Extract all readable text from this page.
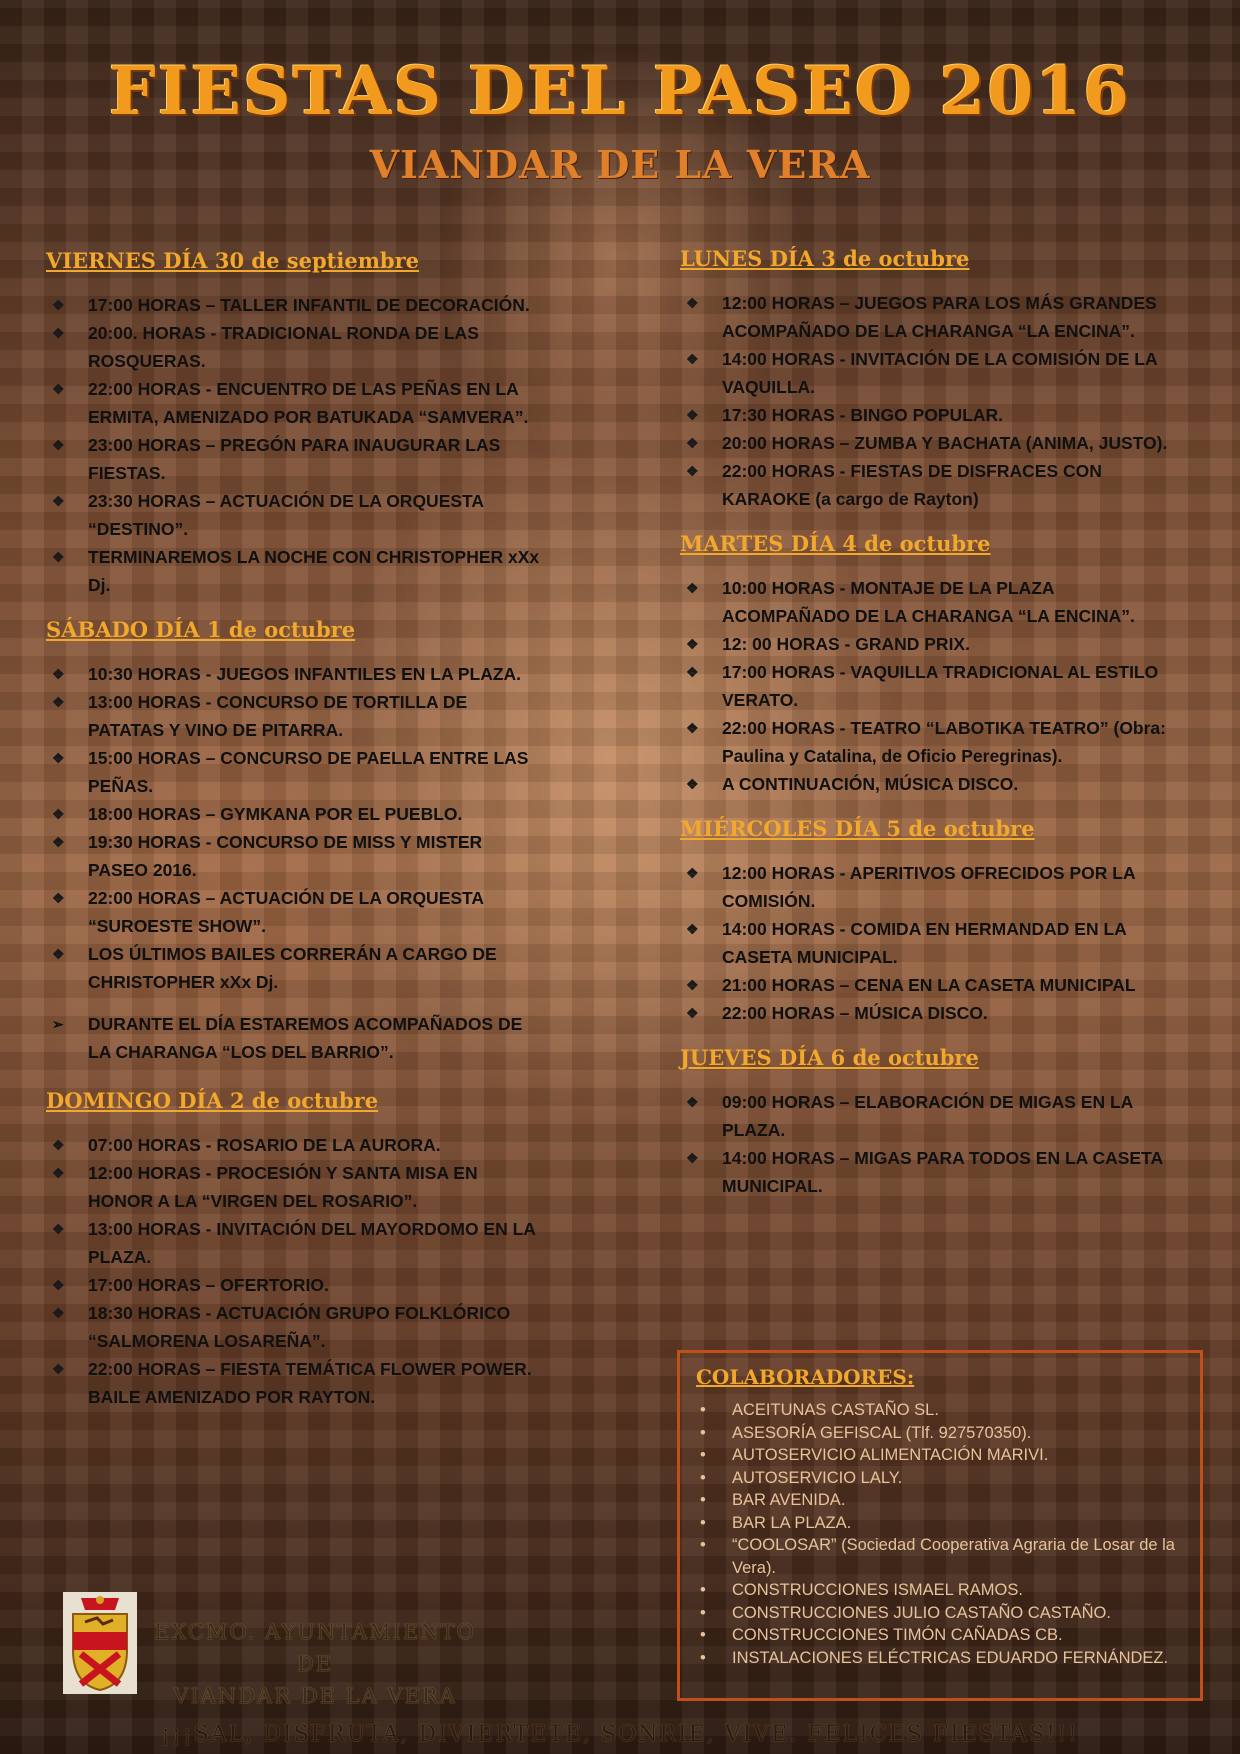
FIESTAS DEL PASEO 2016
VIANDAR DE LA VERA
VIERNES DÍA 30 de septiembre
❖ 17:00 HORAS – TALLER INFANTIL DE DECORACIÓN.
❖ 20:00. HORAS - TRADICIONAL RONDA DE LAS ROSQUERAS.
❖ 22:00 HORAS - ENCUENTRO DE LAS PEÑAS EN LA ERMITA, AMENIZADO POR BATUKADA “SAMVERA”.
❖ 23:00 HORAS – PREGÓN PARA INAUGURAR LAS FIESTAS.
❖ 23:30 HORAS – ACTUACIÓN DE LA ORQUESTA “DESTINO”.
❖ TERMINAREMOS LA NOCHE CON CHRISTOPHER xXx Dj.
SÁBADO DÍA 1 de octubre
❖ 10:30 HORAS - JUEGOS INFANTILES EN LA PLAZA.
❖ 13:00 HORAS - CONCURSO DE TORTILLA DE PATATAS Y VINO DE PITARRA.
❖ 15:00 HORAS – CONCURSO DE PAELLA ENTRE LAS PEÑAS.
❖ 18:00 HORAS – GYMKANA POR EL PUEBLO.
❖ 19:30 HORAS - CONCURSO DE MISS Y MISTER PASEO 2016.
❖ 22:00 HORAS – ACTUACIÓN DE LA ORQUESTA “SUROESTE SHOW”.
❖ LOS ÚLTIMOS BAILES CORRERÁN A CARGO DE CHRISTOPHER xXx Dj.
➢ DURANTE EL DÍA ESTAREMOS ACOMPAÑADOS DE LA CHARANGA “LOS DEL BARRIO”.
DOMINGO DÍA 2 de octubre
❖ 07:00 HORAS - ROSARIO DE LA AURORA.
❖ 12:00 HORAS - PROCESIÓN Y SANTA MISA EN HONOR A LA “VIRGEN DEL ROSARIO”.
❖ 13:00 HORAS - INVITACIÓN DEL MAYORDOMO EN LA PLAZA.
❖ 17:00 HORAS – OFERTORIO.
❖ 18:30 HORAS - ACTUACIÓN GRUPO FOLKLÓRICO “SALMORENA LOSAREÑA”.
❖ 22:00 HORAS – FIESTA TEMÁTICA FLOWER POWER. BAILE AMENIZADO POR RAYTON.
LUNES DÍA 3 de octubre
❖ 12:00 HORAS – JUEGOS PARA LOS MÁS GRANDES ACOMPAÑADO DE LA CHARANGA “LA ENCINA”.
❖ 14:00 HORAS - INVITACIÓN DE LA COMISIÓN DE LA VAQUILLA.
❖ 17:30 HORAS - BINGO POPULAR.
❖ 20:00 HORAS – ZUMBA Y BACHATA (ANIMA, JUSTO).
❖ 22:00 HORAS - FIESTAS DE DISFRACES CON KARAOKE (a cargo de Rayton)
MARTES DÍA 4 de octubre
❖ 10:00 HORAS - MONTAJE DE LA PLAZA ACOMPAÑADO DE LA CHARANGA “LA ENCINA”.
❖ 12: 00 HORAS - GRAND PRIX.
❖ 17:00 HORAS - VAQUILLA TRADICIONAL AL ESTILO VERATO.
❖ 22:00 HORAS - TEATRO “LABOTIKA TEATRO” (Obra: Paulina y Catalina, de Oficio Peregrinas).
❖ A CONTINUACIÓN, MÚSICA DISCO.
MIÉRCOLES DÍA 5 de octubre
❖ 12:00 HORAS - APERITIVOS OFRECIDOS POR LA COMISIÓN.
❖ 14:00 HORAS - COMIDA EN HERMANDAD EN LA CASETA MUNICIPAL.
❖ 21:00 HORAS – CENA EN LA CASETA MUNICIPAL
❖ 22:00 HORAS – MÚSICA DISCO.
JUEVES DÍA 6 de octubre
❖ 09:00 HORAS – ELABORACIÓN DE MIGAS EN LA PLAZA.
❖ 14:00 HORAS – MIGAS PARA TODOS EN LA CASETA MUNICIPAL.
COLABORADORES:
• ACEITUNAS CASTAÑO SL.
• ASESORÍA GEFISCAL (Tlf. 927570350).
• AUTOSERVICIO ALIMENTACIÓN MARIVI.
• AUTOSERVICIO LALY.
• BAR AVENIDA.
• BAR LA PLAZA.
• “COOLOSAR” (Sociedad Cooperativa Agraria de Losar de la Vera).
• CONSTRUCCIONES ISMAEL RAMOS.
• CONSTRUCCIONES JULIO CASTAÑO CASTAÑO.
• CONSTRUCCIONES TIMÓN CAÑADAS CB.
• INSTALACIONES ELÉCTRICAS EDUARDO FERNÁNDEZ.
EXCMO. AYUNTAMIENTO DE
VIANDAR DE LA VERA
¡¡¡SAL, DISFRUTA, DIVIERTETE, SONRÍE, VIVE. FELICES FIESTAS!!!
